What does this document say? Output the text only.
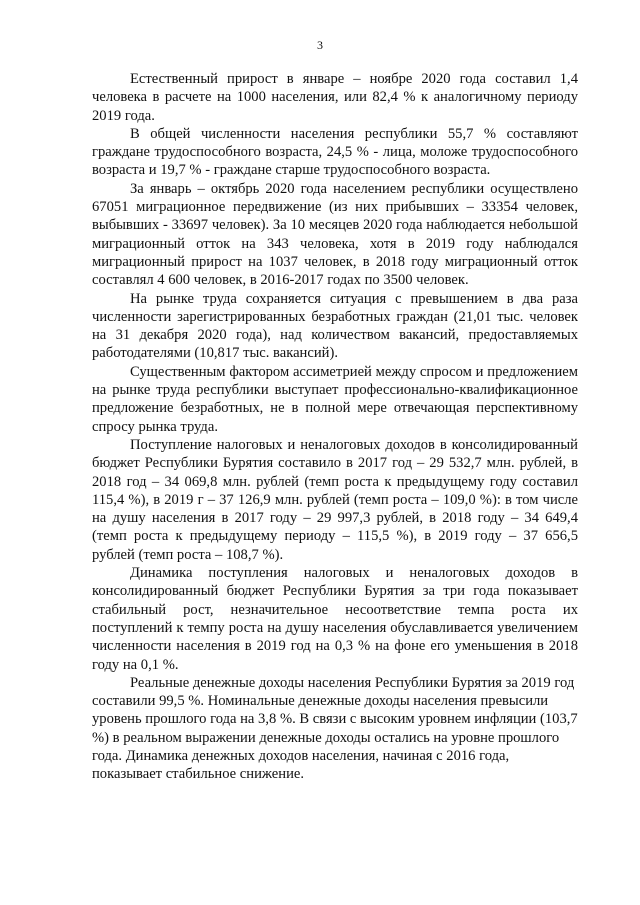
3

Естественный прирост в январе – ноябре 2020 года составил 1,4 человека в расчете на 1000 населения, или 82,4 % к аналогичному периоду 2019 года.

В общей численности населения республики 55,7 % составляют граждане трудоспособного возраста, 24,5 % - лица, моложе трудоспособного возраста и 19,7 % - граждане старше трудоспособного возраста.

За январь – октябрь 2020 года населением республики осуществлено 67051 миграционное передвижение (из них прибывших – 33354 человек, выбывших - 33697 человек). За 10 месяцев 2020 года наблюдается небольшой миграционный отток на 343 человека, хотя в 2019 году наблюдался миграционный прирост на 1037 человек, в 2018 году миграционный отток составлял 4 600 человек, в 2016-2017 годах по 3500 человек.

На рынке труда сохраняется ситуация с превышением в два раза численности зарегистрированных безработных граждан (21,01 тыс. человек на 31 декабря 2020 года), над количеством вакансий, предоставляемых работодателями (10,817 тыс. вакансий).

Существенным фактором ассиметрией между спросом и предложением на рынке труда республики выступает профессионально-квалификационное предложение безработных, не в полной мере отвечающая перспективному спросу рынка труда.

Поступление налоговых и неналоговых доходов в консолидированный бюджет Республики Бурятия составило в 2017 год – 29 532,7 млн. рублей, в 2018 год – 34 069,8 млн. рублей (темп роста к предыдущему году составил 115,4 %), в 2019 г – 37 126,9 млн. рублей (темп роста – 109,0 %): в том числе на душу населения в 2017 году – 29 997,3 рублей, в 2018 году – 34 649,4 (темп роста к предыдущему периоду – 115,5 %), в 2019 году – 37 656,5 рублей (темп роста – 108,7 %).

Динамика поступления налоговых и неналоговых доходов в консолидированный бюджет Республики Бурятия за три года показывает стабильный рост, незначительное несоответствие темпа роста их поступлений к темпу роста на душу населения обуславливается увеличением численности населения в 2019 год на 0,3 % на фоне его уменьшения в 2018 году на 0,1 %.

Реальные денежные доходы населения Республики Бурятия за 2019 год составили 99,5 %. Номинальные денежные доходы населения превысили уровень прошлого года на 3,8 %. В связи с высоким уровнем инфляции (103,7 %) в реальном выражении денежные доходы остались на уровне прошлого года. Динамика денежных доходов населения, начиная с 2016 года, показывает стабильное снижение.
